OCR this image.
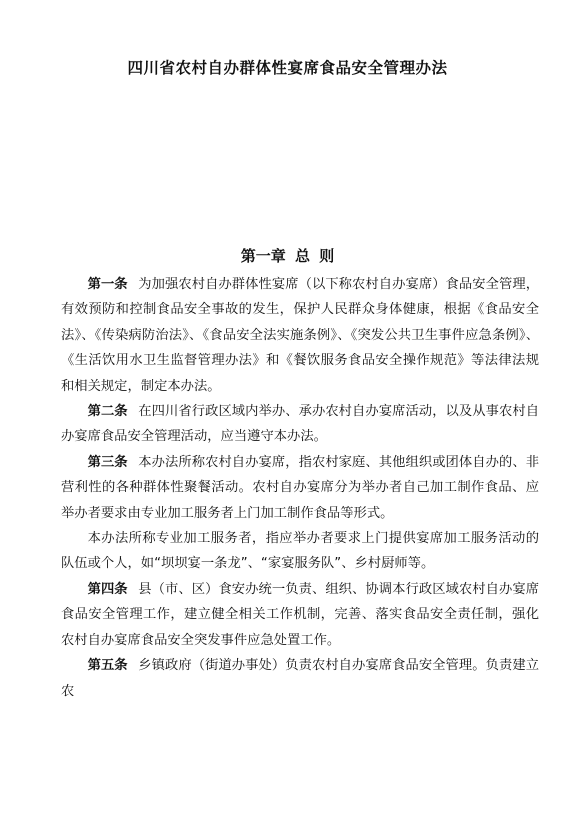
四川省农村自办群体性宴席食品安全管理办法
第一章 总 则

第一条 为加强农村自办群体性宴席（以下称农村自办宴席）食品安全管理，有效预防和控制食品安全事故的发生，保护人民群众身体健康，根据《食品安全法》、《传染病防治法》、《食品安全法实施条例》、《突发公共卫生事件应急条例》、《生活饮用水卫生监督管理办法》和《餐饮服务食品安全操作规范》等法律法规和相关规定，制定本办法。

第二条 在四川省行政区域内举办、承办农村自办宴席活动，以及从事农村自办宴席食品安全管理活动，应当遵守本办法。

第三条 本办法所称农村自办宴席，指农村家庭、其他组织或团体自办的、非营利性的各种群体性聚餐活动。农村自办宴席分为举办者自己加工制作食品、应举办者要求由专业加工服务者上门加工制作食品等形式。

本办法所称专业加工服务者，指应举办者要求上门提供宴席加工服务活动的队伍或个人，如“坝坝宴一条龙”、“家宴服务队”、乡村厨师等。

第四条 县（市、区）食安办统一负责、组织、协调本行政区域农村自办宴席食品安全管理工作，建立健全相关工作机制，完善、落实食品安全责任制，强化农村自办宴席食品安全突发事件应急处置工作。

第五条 乡镇政府（街道办事处）负责农村自办宴席食品安全管理。负责建立农
